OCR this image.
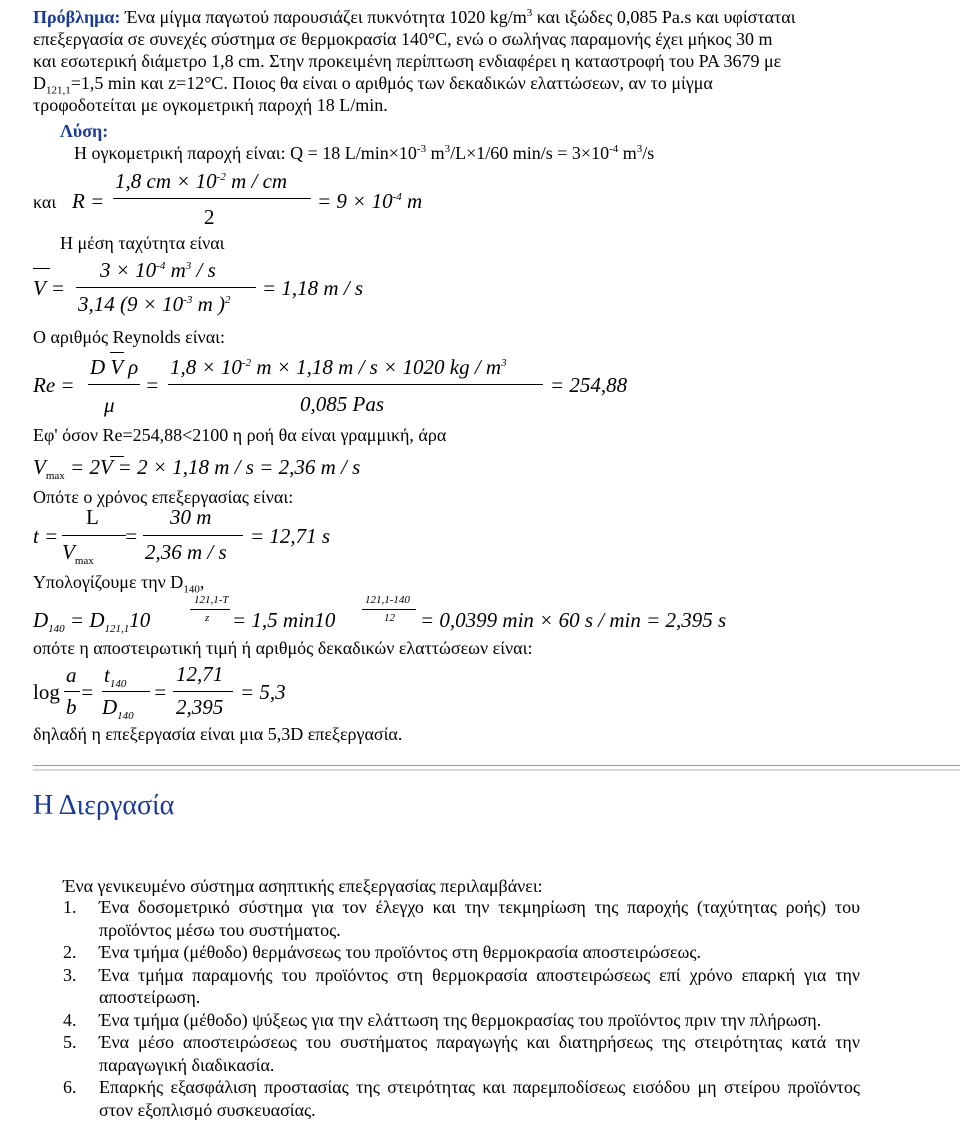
Πρόβλημα: Ένα μίγμα παγωτού παρουσιάζει πυκνότητα 1020 $kg/m^3$ και ιξώδες 0,085 Pa.s και υφίσταται

επεξεργασία σε συνεχές σύστημα σε θερμοκρασία 140°C, ενώ ο σωλήνας παραμονής έχει μήκος 30 m

και εσωτερική διάμετρο 1,8 cm. Στην προκειμένη περίπτωση ενδιαφέρει η καταστροφή του PA 3679 με

$D_{121,1}=1,5$ min και z=12°C. Ποιος θα είναι ο αριθμός των δεκαδικών ελαττώσεων, αν το μίγμα

τροφοδοτείται με ογκομετρική παροχή 18 L/min.

Λύση:
Η ογκομετρική παροχή είναι: Q = 18 $L/\min\times 10^{-3}$ $m^3/L\times 1/60$ $\min/s = 3\times 10^{-4}$ $m^3/s$
και R =
1,8 cm × $10^{-2}$ m / cm
2
= $9 \times 10^{-4}$ m
Η μέση ταχύτητα είναι
V =
$3 \times 10^{-4}$ $m^3$ / s
3,14 ($9 \times 10^{-3}$ m )$^2$ = 1,18 m / s
Ο αριθμός Reynolds είναι:
Re =
D V ρ
μ
=
$1,8 \times 10^{-2}$ m × 1,18 m / s × 1020 kg / $m^3$
0,085 Pas
= 254,88
Εφ' όσον Re=254,88<2100 η ροή θα είναι γραμμική, άρα
$V_{max} = 2V = 2 \times 1,18$ m / s = 2,36 m / s
Οπότε ο χρόνος επεξεργασίας είναι:
t =
L
$V_{max}$
=
30 m
2,36 m / s
= 12,71 s
Υπολογίζουμε την $D_{140}$,
$D_{140} = D_{121,1}10$
121,1-T
z = 1,5 min10
121,1-140
12 = 0,0399 min × 60 s / min = 2,395 s
οπότε η αποστειρωτική τιμή ή αριθμός δεκαδικών ελαττώσεων είναι:
log
a
b
=
$t_{140}$
$D_{140}$
=
12,71
2,395
= 5,3
δηλαδή η επεξεργασία είναι μια 5,3D επεξεργασία.
Η Διεργασία
Ένα γενικευμένο σύστημα ασηπτικής επεξεργασίας περιλαμβάνει:
1. Ένα δοσομετρικό σύστημα για τον έλεγχο και την τεκμηρίωση της παροχής (ταχύτητας ροής) του προϊόντος μέσω του συστήματος.
2. Ένα τμήμα (μέθοδο) θερμάνσεως του προϊόντος στη θερμοκρασία αποστειρώσεως.
3. Ένα τμήμα παραμονής του προϊόντος στη θερμοκρασία αποστειρώσεως επί χρόνο επαρκή για την αποστείρωση.
4. Ένα τμήμα (μέθοδο) ψύξεως για την ελάττωση της θερμοκρασίας του προϊόντος πριν την πλήρωση.
5. Ένα μέσο αποστειρώσεως του συστήματος παραγωγής και διατηρήσεως της στειρότητας κατά την παραγωγική διαδικασία.
6. Επαρκής εξασφάλιση προστασίας της στειρότητας και παρεμποδίσεως εισόδου μη στείρου προϊόντος στον εξοπλισμό συσκευασίας.
